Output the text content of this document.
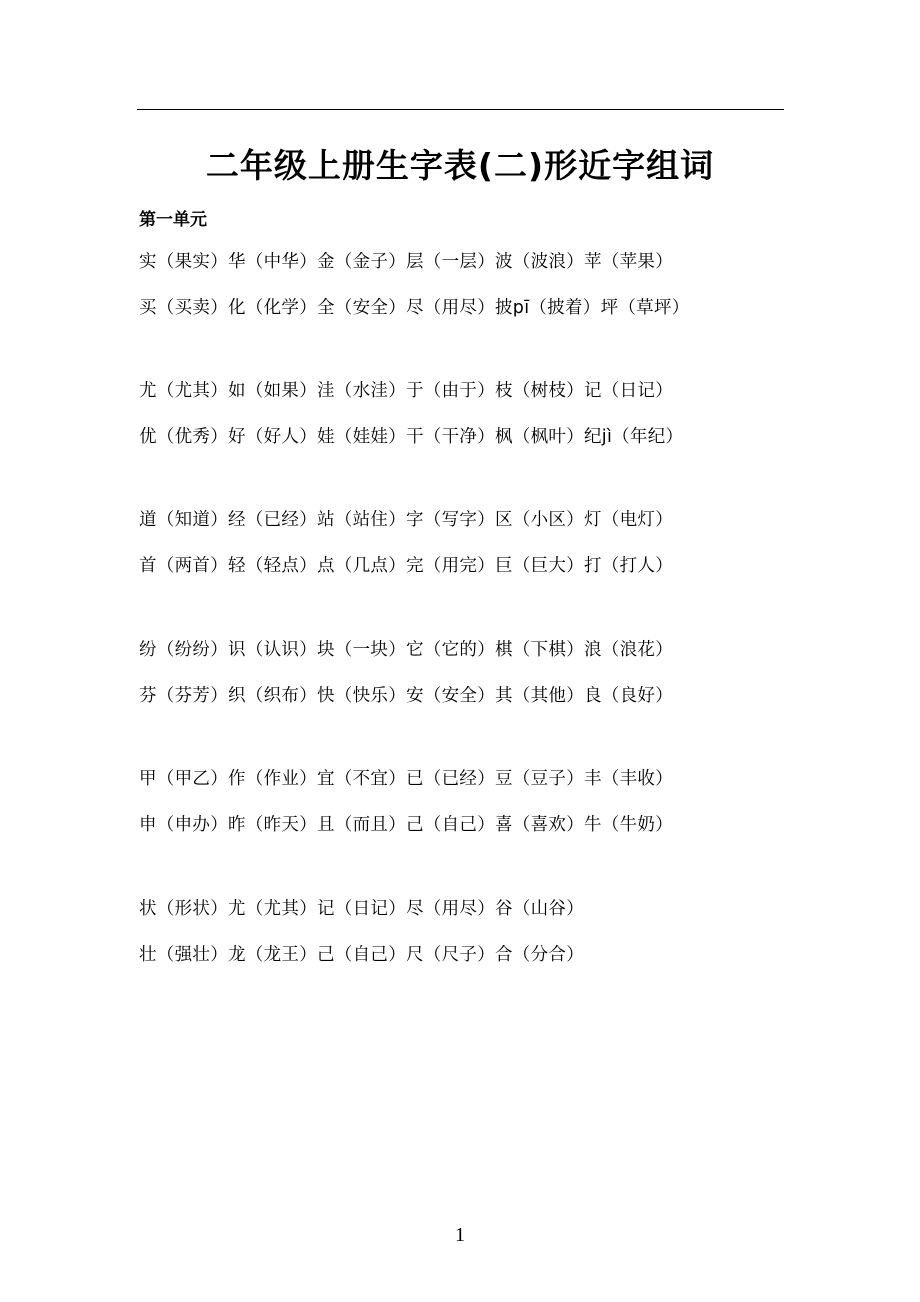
二年级上册生字表(二)形近字组词
第一单元
实（果实）华（中华）金（金子）层（一层）波（波浪）苹（苹果）
买（买卖）化（化学）全（安全）尽（用尽）披pī（披着）坪（草坪）
尤（尤其）如（如果）洼（水洼）于（由于）枝（树枝）记（日记）
优（优秀）好（好人）娃（娃娃）干（干净）枫（枫叶）纪jì（年纪）
道（知道）经（已经）站（站住）字（写字）区（小区）灯（电灯）
首（两首）轻（轻点）点（几点）完（用完）巨（巨大）打（打人）
纷（纷纷）识（认识）块（一块）它（它的）棋（下棋）浪（浪花）
芬（芬芳）织（织布）快（快乐）安（安全）其（其他）良（良好）
甲（甲乙）作（作业）宜（不宜）已（已经）豆（豆子）丰（丰收）
申（申办）昨（昨天）且（而且）己（自己）喜（喜欢）牛（牛奶）
状（形状）尤（尤其）记（日记）尽（用尽）谷（山谷）
壮（强壮）龙（龙王）己（自己）尺（尺子）合（分合）
1
